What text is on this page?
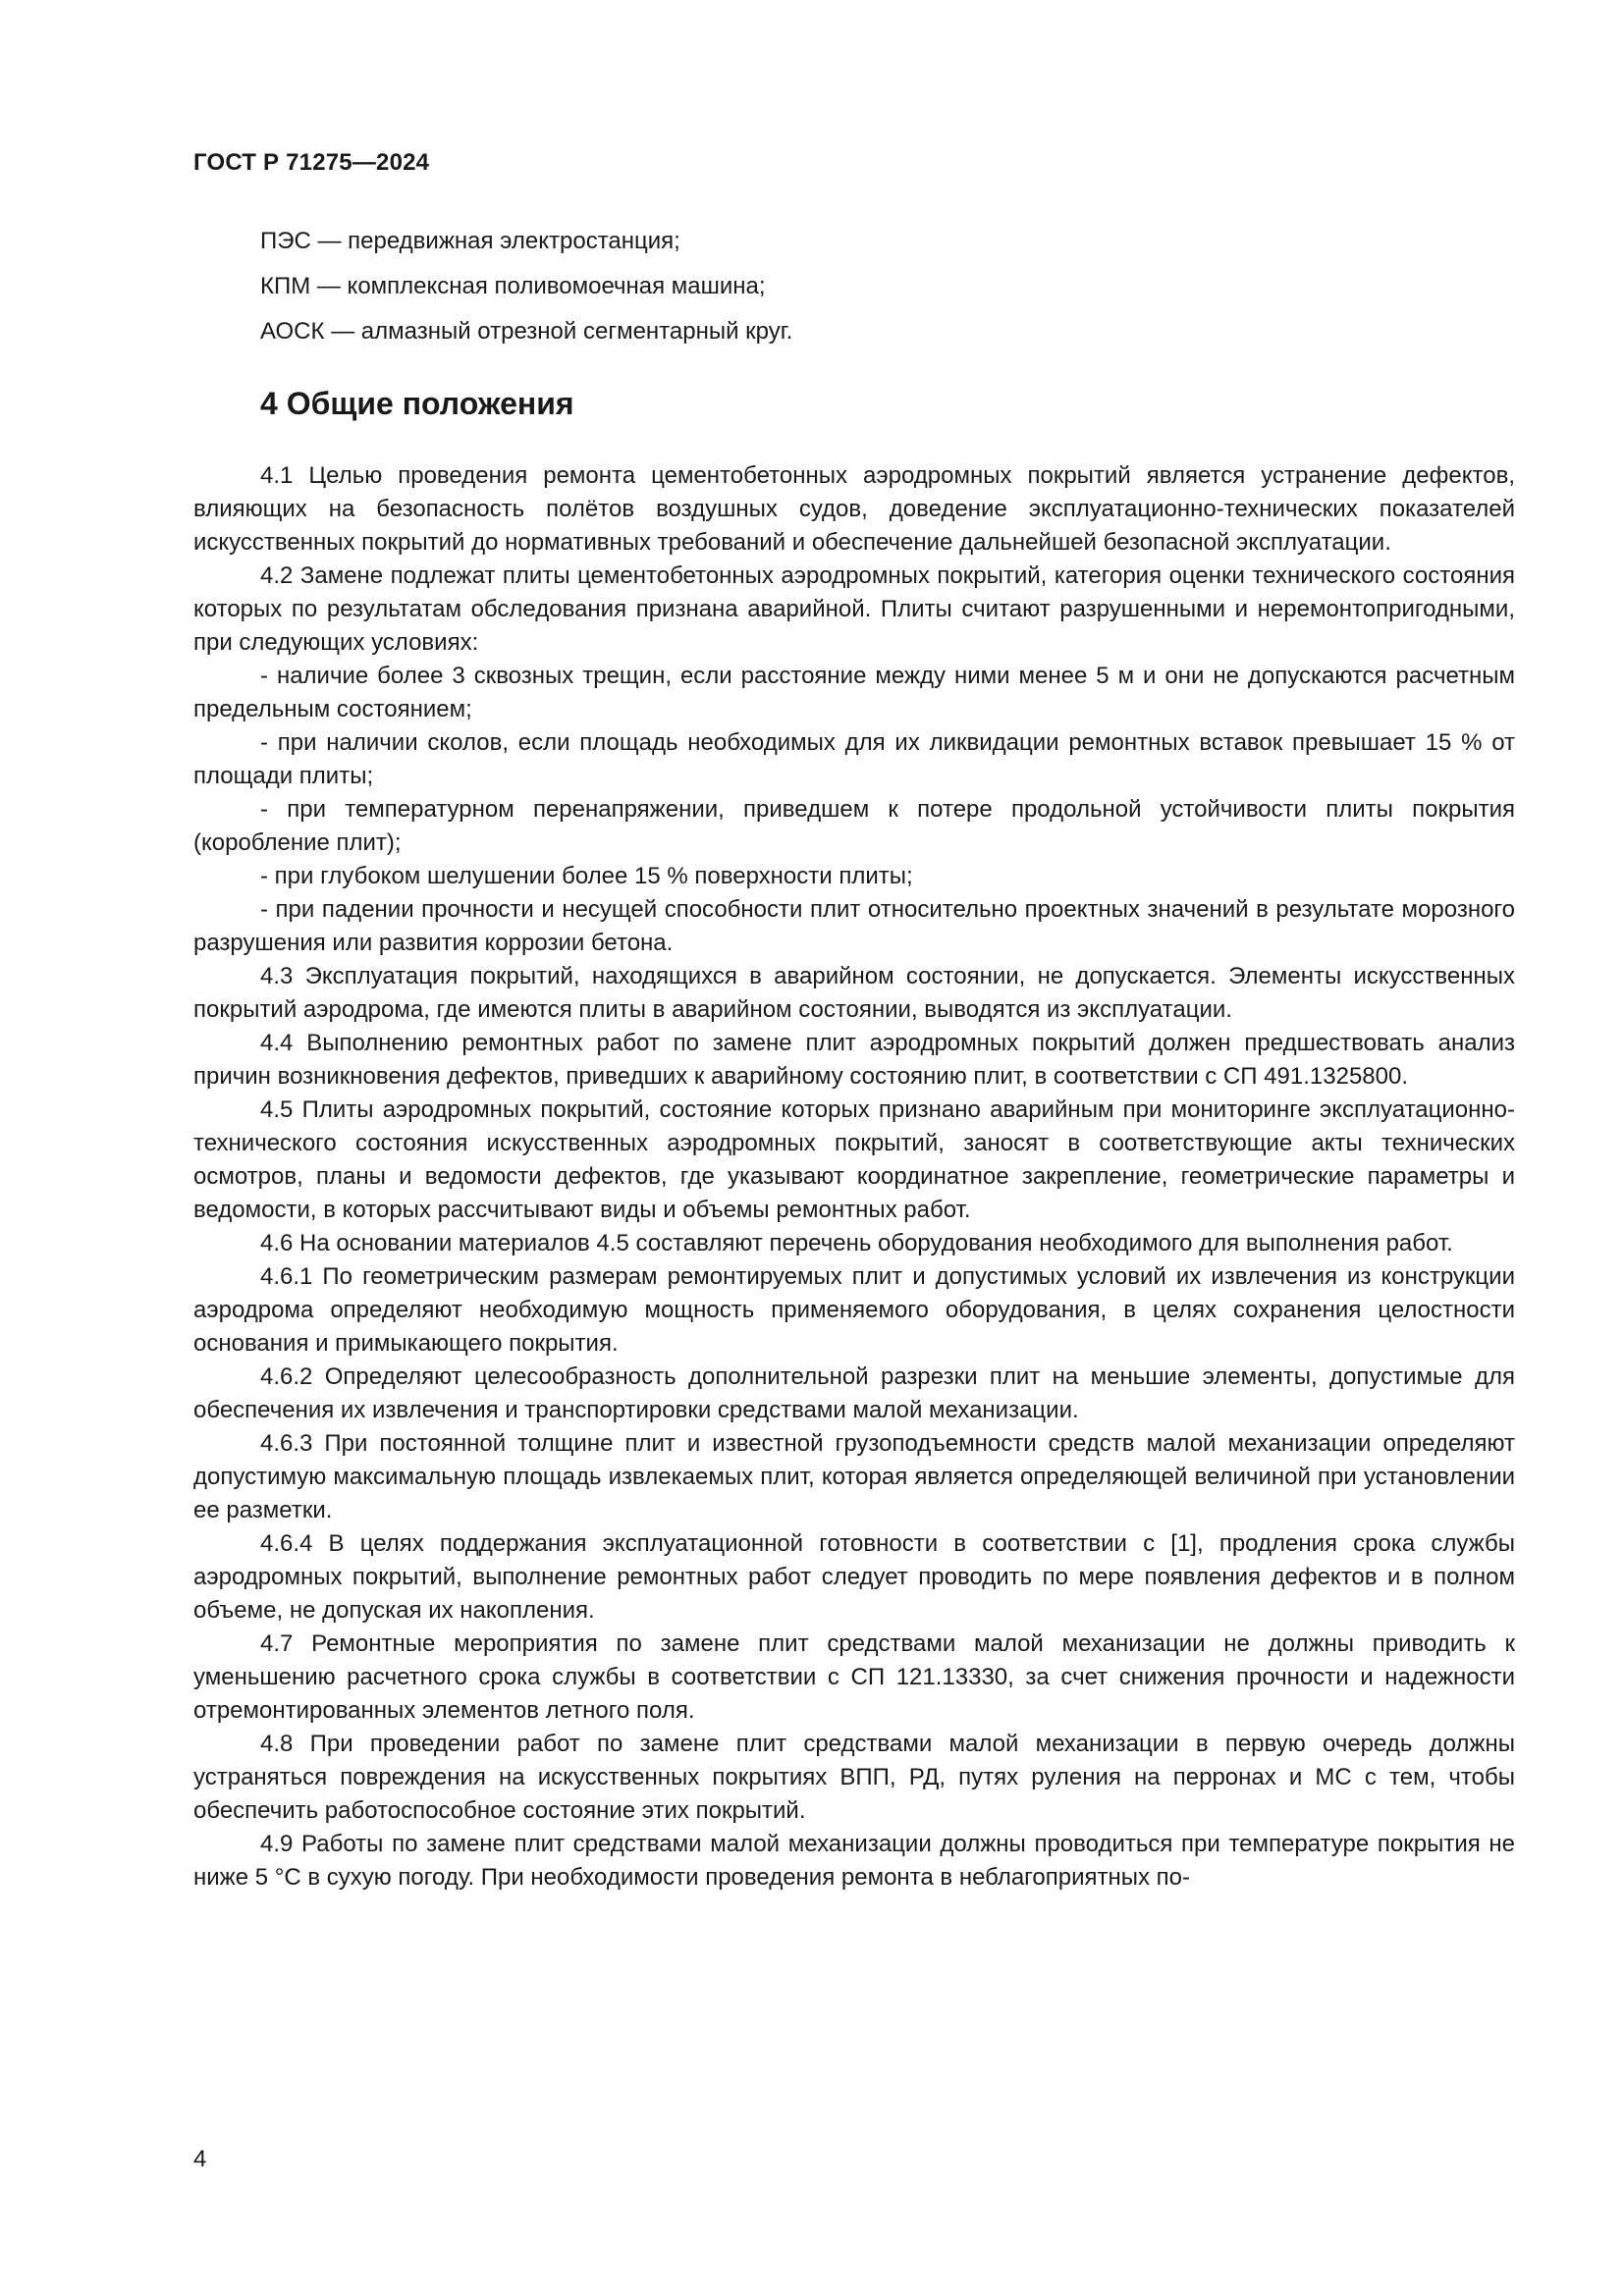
ГОСТ Р 71275—2024
ПЭС — передвижная электростанция;
КПМ — комплексная поливомоечная машина;
АОСК — алмазный отрезной сегментарный круг.
4 Общие положения

4.1 Целью проведения ремонта цементобетонных аэродромных покрытий является устранение дефектов, влияющих на безопасность полётов воздушных судов, доведение эксплуатационно-технических показателей искусственных покрытий до нормативных требований и обеспечение дальнейшей безопасной эксплуатации.

4.2 Замене подлежат плиты цементобетонных аэродромных покрытий, категория оценки технического состояния которых по результатам обследования признана аварийной. Плиты считают разрушенными и неремонтопригодными, при следующих условиях:

- наличие более 3 сквозных трещин, если расстояние между ними менее 5 м и они не допускаются расчетным предельным состоянием;

- при наличии сколов, если площадь необходимых для их ликвидации ремонтных вставок превышает 15 % от площади плиты;

- при температурном перенапряжении, приведшем к потере продольной устойчивости плиты покрытия (коробление плит);

- при глубоком шелушении более 15 % поверхности плиты;

- при падении прочности и несущей способности плит относительно проектных значений в результате морозного разрушения или развития коррозии бетона.

4.3 Эксплуатация покрытий, находящихся в аварийном состоянии, не допускается. Элементы искусственных покрытий аэродрома, где имеются плиты в аварийном состоянии, выводятся из эксплуатации.

4.4 Выполнению ремонтных работ по замене плит аэродромных покрытий должен предшествовать анализ причин возникновения дефектов, приведших к аварийному состоянию плит, в соответствии с СП 491.1325800.

4.5 Плиты аэродромных покрытий, состояние которых признано аварийным при мониторинге эксплуатационно-технического состояния искусственных аэродромных покрытий, заносят в соответствующие акты технических осмотров, планы и ведомости дефектов, где указывают координатное закрепление, геометрические параметры и ведомости, в которых рассчитывают виды и объемы ремонтных работ.

4.6 На основании материалов 4.5 составляют перечень оборудования необходимого для выполнения работ.

4.6.1 По геометрическим размерам ремонтируемых плит и допустимых условий их извлечения из конструкции аэродрома определяют необходимую мощность применяемого оборудования, в целях сохранения целостности основания и примыкающего покрытия.

4.6.2 Определяют целесообразность дополнительной разрезки плит на меньшие элементы, допустимые для обеспечения их извлечения и транспортировки средствами малой механизации.

4.6.3 При постоянной толщине плит и известной грузоподъемности средств малой механизации определяют допустимую максимальную площадь извлекаемых плит, которая является определяющей величиной при установлении ее разметки.

4.6.4 В целях поддержания эксплуатационной готовности в соответствии с [1], продления срока службы аэродромных покрытий, выполнение ремонтных работ следует проводить по мере появления дефектов и в полном объеме, не допуская их накопления.

4.7 Ремонтные мероприятия по замене плит средствами малой механизации не должны приводить к уменьшению расчетного срока службы в соответствии с СП 121.13330, за счет снижения прочности и надежности отремонтированных элементов летного поля.

4.8 При проведении работ по замене плит средствами малой механизации в первую очередь должны устраняться повреждения на искусственных покрытиях ВПП, РД, путях руления на перронах и МС с тем, чтобы обеспечить работоспособное состояние этих покрытий.

4.9 Работы по замене плит средствами малой механизации должны проводиться при температуре покрытия не ниже 5 °С в сухую погоду. При необходимости проведения ремонта в неблагоприятных по-

4
